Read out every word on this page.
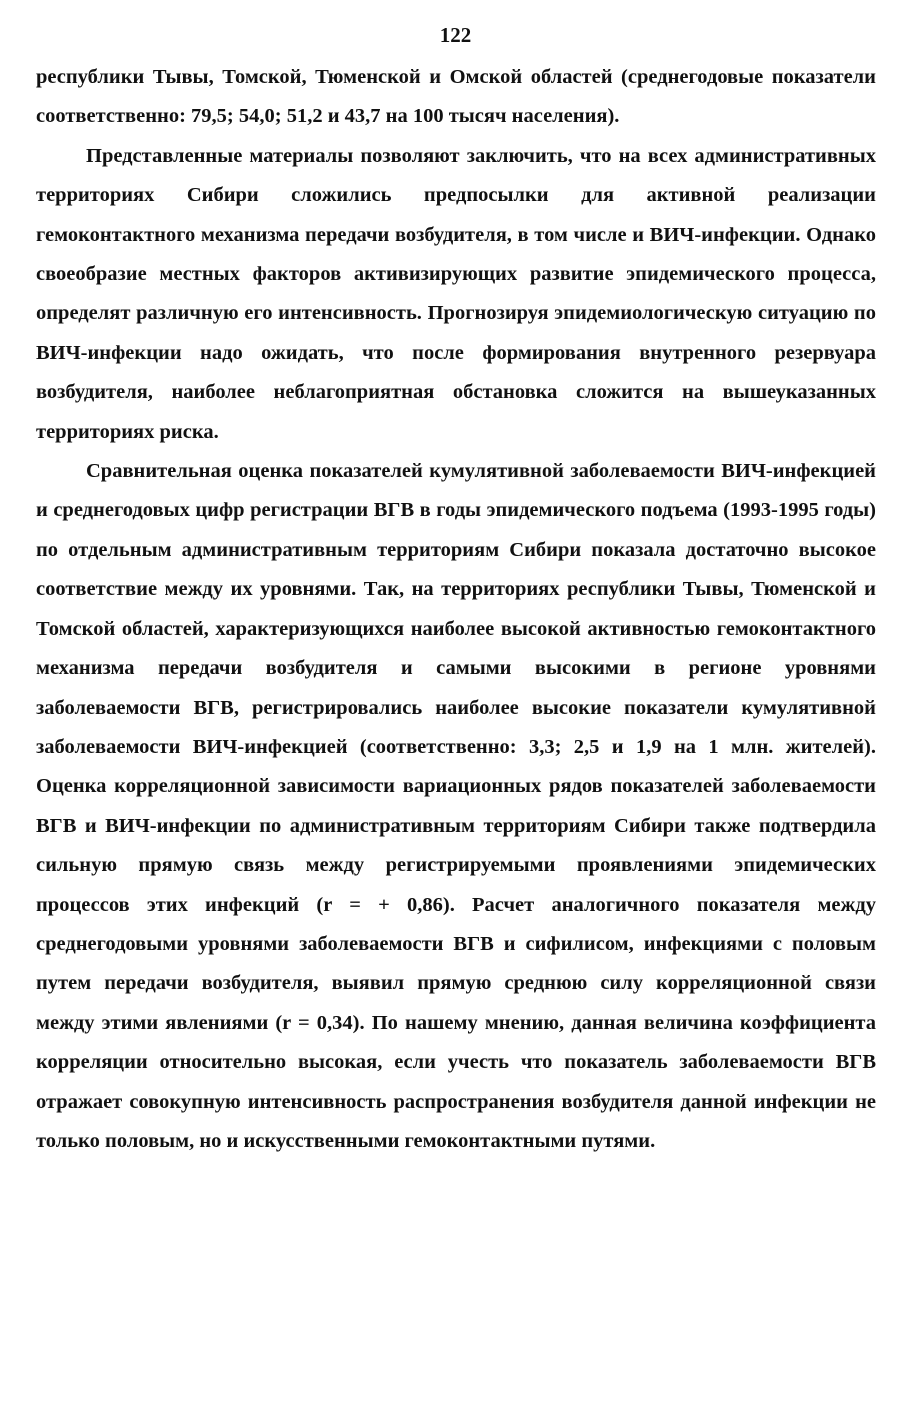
122

республики Тывы, Томской, Тюменской и Омской областей (среднегодовые показатели соответственно: 79,5; 54,0; 51,2 и 43,7 на 100 тысяч населения).

Представленные материалы позволяют заключить, что на всех административных территориях Сибири сложились предпосылки для активной реализации гемоконтактного механизма передачи возбудителя, в том числе и ВИЧ-инфекции. Однако своеобразие местных факторов активизирующих развитие эпидемического процесса, определят различную его интенсивность. Прогнозируя эпидемиологическую ситуацию по ВИЧ-инфекции надо ожидать, что после формирования внутренного резервуара возбудителя, наиболее неблагоприятная обстановка сложится на вышеуказанных территориях риска.

Сравнительная оценка показателей кумулятивной заболеваемости ВИЧ-инфекцией и среднегодовых цифр регистрации ВГВ в годы эпидемического подъема (1993-1995 годы) по отдельным административным территориям Сибири показала достаточно высокое соответствие между их уровнями. Так, на территориях республики Тывы, Тюменской и Томской областей, характеризующихся наиболее высокой активностью гемоконтактного механизма передачи возбудителя и самыми высокими в регионе уровнями заболеваемости ВГВ, регистрировались наиболее высокие показатели кумулятивной заболеваемости ВИЧ-инфекцией (соответственно: 3,3; 2,5 и 1,9 на 1 млн. жителей). Оценка корреляционной зависимости вариационных рядов показателей заболеваемости ВГВ и ВИЧ-инфекции по административным территориям Сибири также подтвердила сильную прямую связь между регистрируемыми проявлениями эпидемических процессов этих инфекций (r = + 0,86). Расчет аналогичного показателя между среднегодовыми уровнями заболеваемости ВГВ и сифилисом, инфекциями с половым путем передачи возбудителя, выявил прямую среднюю силу корреляционной связи между этими явлениями (r = 0,34). По нашему мнению, данная величина коэффициента корреляции относительно высокая, если учесть что показатель заболеваемости ВГВ отражает совокупную интенсивность распространения возбудителя данной инфекции не только половым, но и искусственными гемоконтактными путями.
